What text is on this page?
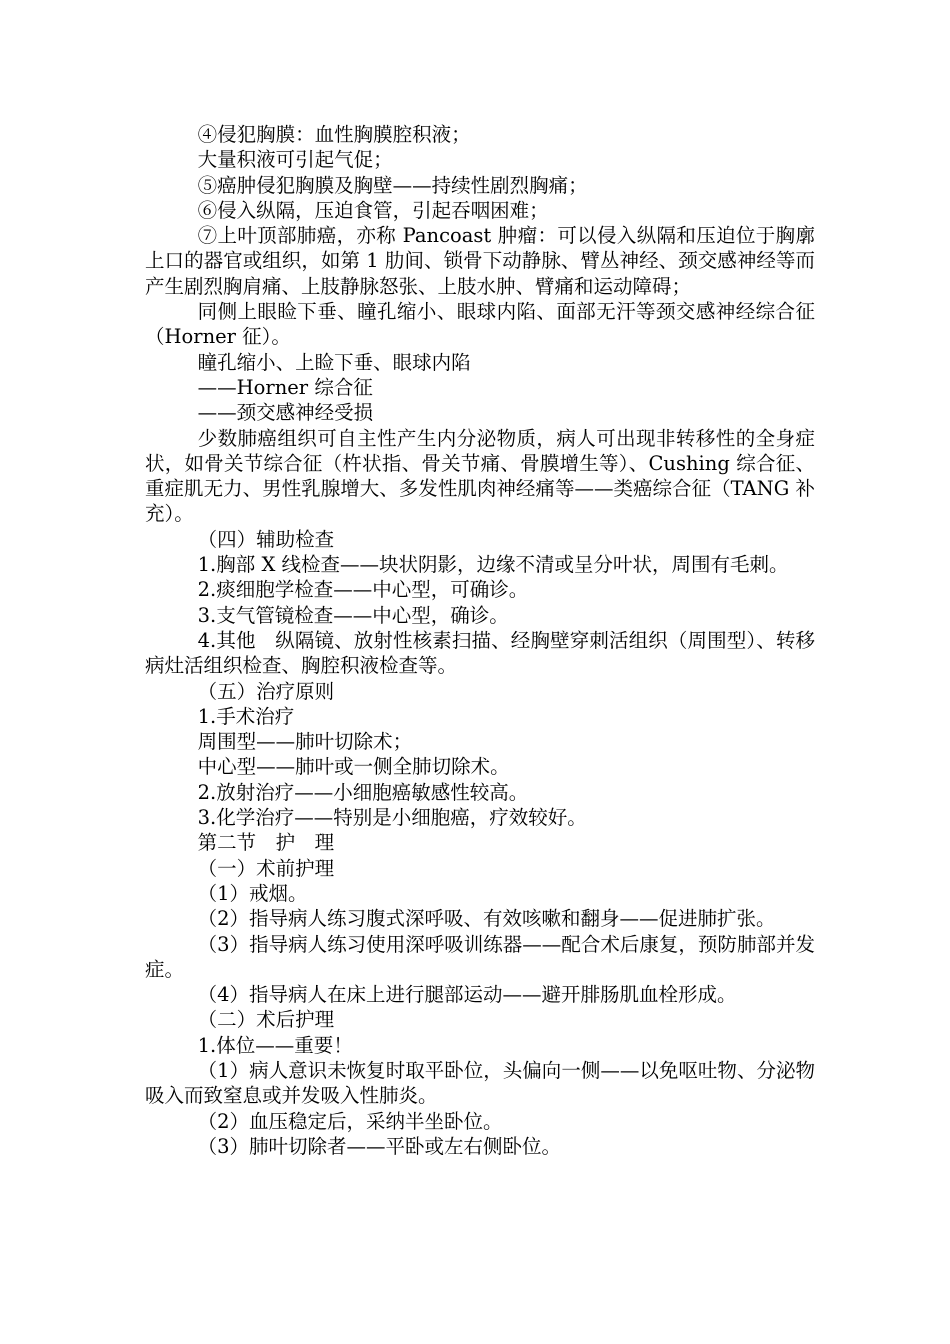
④侵犯胸膜：血性胸膜腔积液；

大量积液可引起气促；

⑤癌肿侵犯胸膜及胸壁——持续性剧烈胸痛；

⑥侵入纵隔，压迫食管，引起吞咽困难；

⑦上叶顶部肺癌，亦称 Pancoast 肿瘤：可以侵入纵隔和压迫位于胸廓上口的器官或组织，如第 1 肋间、锁骨下动静脉、臂丛神经、颈交感神经等而产生剧烈胸肩痛、上肢静脉怒张、上肢水肿、臂痛和运动障碍；

同侧上眼睑下垂、瞳孔缩小、眼球内陷、面部无汗等颈交感神经综合征（Horner 征）。

瞳孔缩小、上睑下垂、眼球内陷

——Horner 综合征

——颈交感神经受损

少数肺癌组织可自主性产生内分泌物质，病人可出现非转移性的全身症状，如骨关节综合征（杵状指、骨关节痛、骨膜增生等）、Cushing 综合征、重症肌无力、男性乳腺增大、多发性肌肉神经痛等——类癌综合征（TANG 补充）。

（四）辅助检查

1.胸部 X 线检查——块状阴影，边缘不清或呈分叶状，周围有毛刺。

2.痰细胞学检查——中心型，可确诊。

3.支气管镜检查——中心型，确诊。

4.其他　纵隔镜、放射性核素扫描、经胸壁穿刺活组织（周围型）、转移病灶活组织检查、胸腔积液检查等。

（五）治疗原则

1.手术治疗

周围型——肺叶切除术；

中心型——肺叶或一侧全肺切除术。

2.放射治疗——小细胞癌敏感性较高。

3.化学治疗——特别是小细胞癌，疗效较好。

第二节　护　理

（一）术前护理

（1）戒烟。

（2）指导病人练习腹式深呼吸、有效咳嗽和翻身——促进肺扩张。

（3）指导病人练习使用深呼吸训练器——配合术后康复，预防肺部并发症。

（4）指导病人在床上进行腿部运动——避开腓肠肌血栓形成。

（二）术后护理

1.体位——重要！

（1）病人意识未恢复时取平卧位，头偏向一侧——以免呕吐物、分泌物吸入而致窒息或并发吸入性肺炎。

（2）血压稳定后，采纳半坐卧位。

（3）肺叶切除者——平卧或左右侧卧位。
